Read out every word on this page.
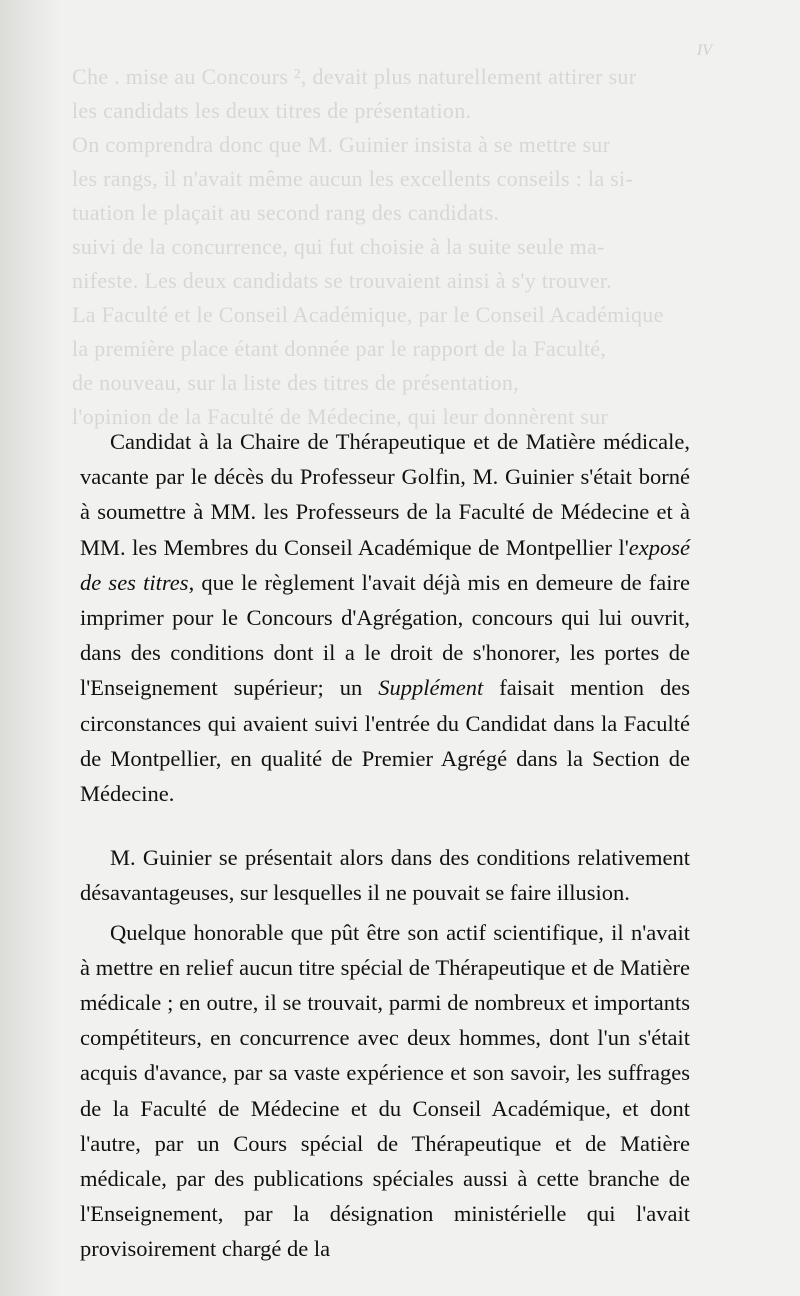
IV
Che . mise au Concours ², devait plus naturellement attirer sur
les candidats les deux titres de présentation.
On comprendra donc que M. Guinier insista à se mettre sur
les rangs, il n'avait même aucun les excellents conseils : la si-
tuation le plaçait au second rang des candidats.
suivi de la concurrence, qui fut choisie à la suite seule ma-
nifeste. Les deux candidats se trouvaient ainsi à s'y trouver.
La Faculté et le Conseil Académique, par le Conseil Académique
la première place étant donnée par le rapport de la Faculté,
de nouveau, sur la liste des titres de présentation,
l'opinion de la Faculté de Médecine, qui leur donnèrent sur

Candidat à la Chaire de Thérapeutique et de Matière médicale, vacante par le décès du Professeur Golfin, M. Guinier s'était borné à soumettre à MM. les Professeurs de la Faculté de Médecine et à MM. les Membres du Conseil Académique de Montpellier l'exposé de ses titres, que le règlement l'avait déjà mis en demeure de faire imprimer pour le Concours d'Agrégation, concours qui lui ouvrit, dans des conditions dont il a le droit de s'honorer, les portes de l'Enseignement supérieur; un Supplément faisait mention des circonstances qui avaient suivi l'entrée du Candidat dans la Faculté de Montpellier, en qualité de Premier Agrégé dans la Section de Médecine.

M. Guinier se présentait alors dans des conditions relativement désavantageuses, sur lesquelles il ne pouvait se faire illusion.

Quelque honorable que pût être son actif scientifique, il n'avait à mettre en relief aucun titre spécial de Thérapeutique et de Matière médicale ; en outre, il se trouvait, parmi de nombreux et importants compétiteurs, en concurrence avec deux hommes, dont l'un s'était acquis d'avance, par sa vaste expérience et son savoir, les suffrages de la Faculté de Médecine et du Conseil Académique, et dont l'autre, par un Cours spécial de Thérapeutique et de Matière médicale, par des publications spéciales aussi à cette branche de l'Enseignement, par la désignation ministérielle qui l'avait provisoirement chargé de la
